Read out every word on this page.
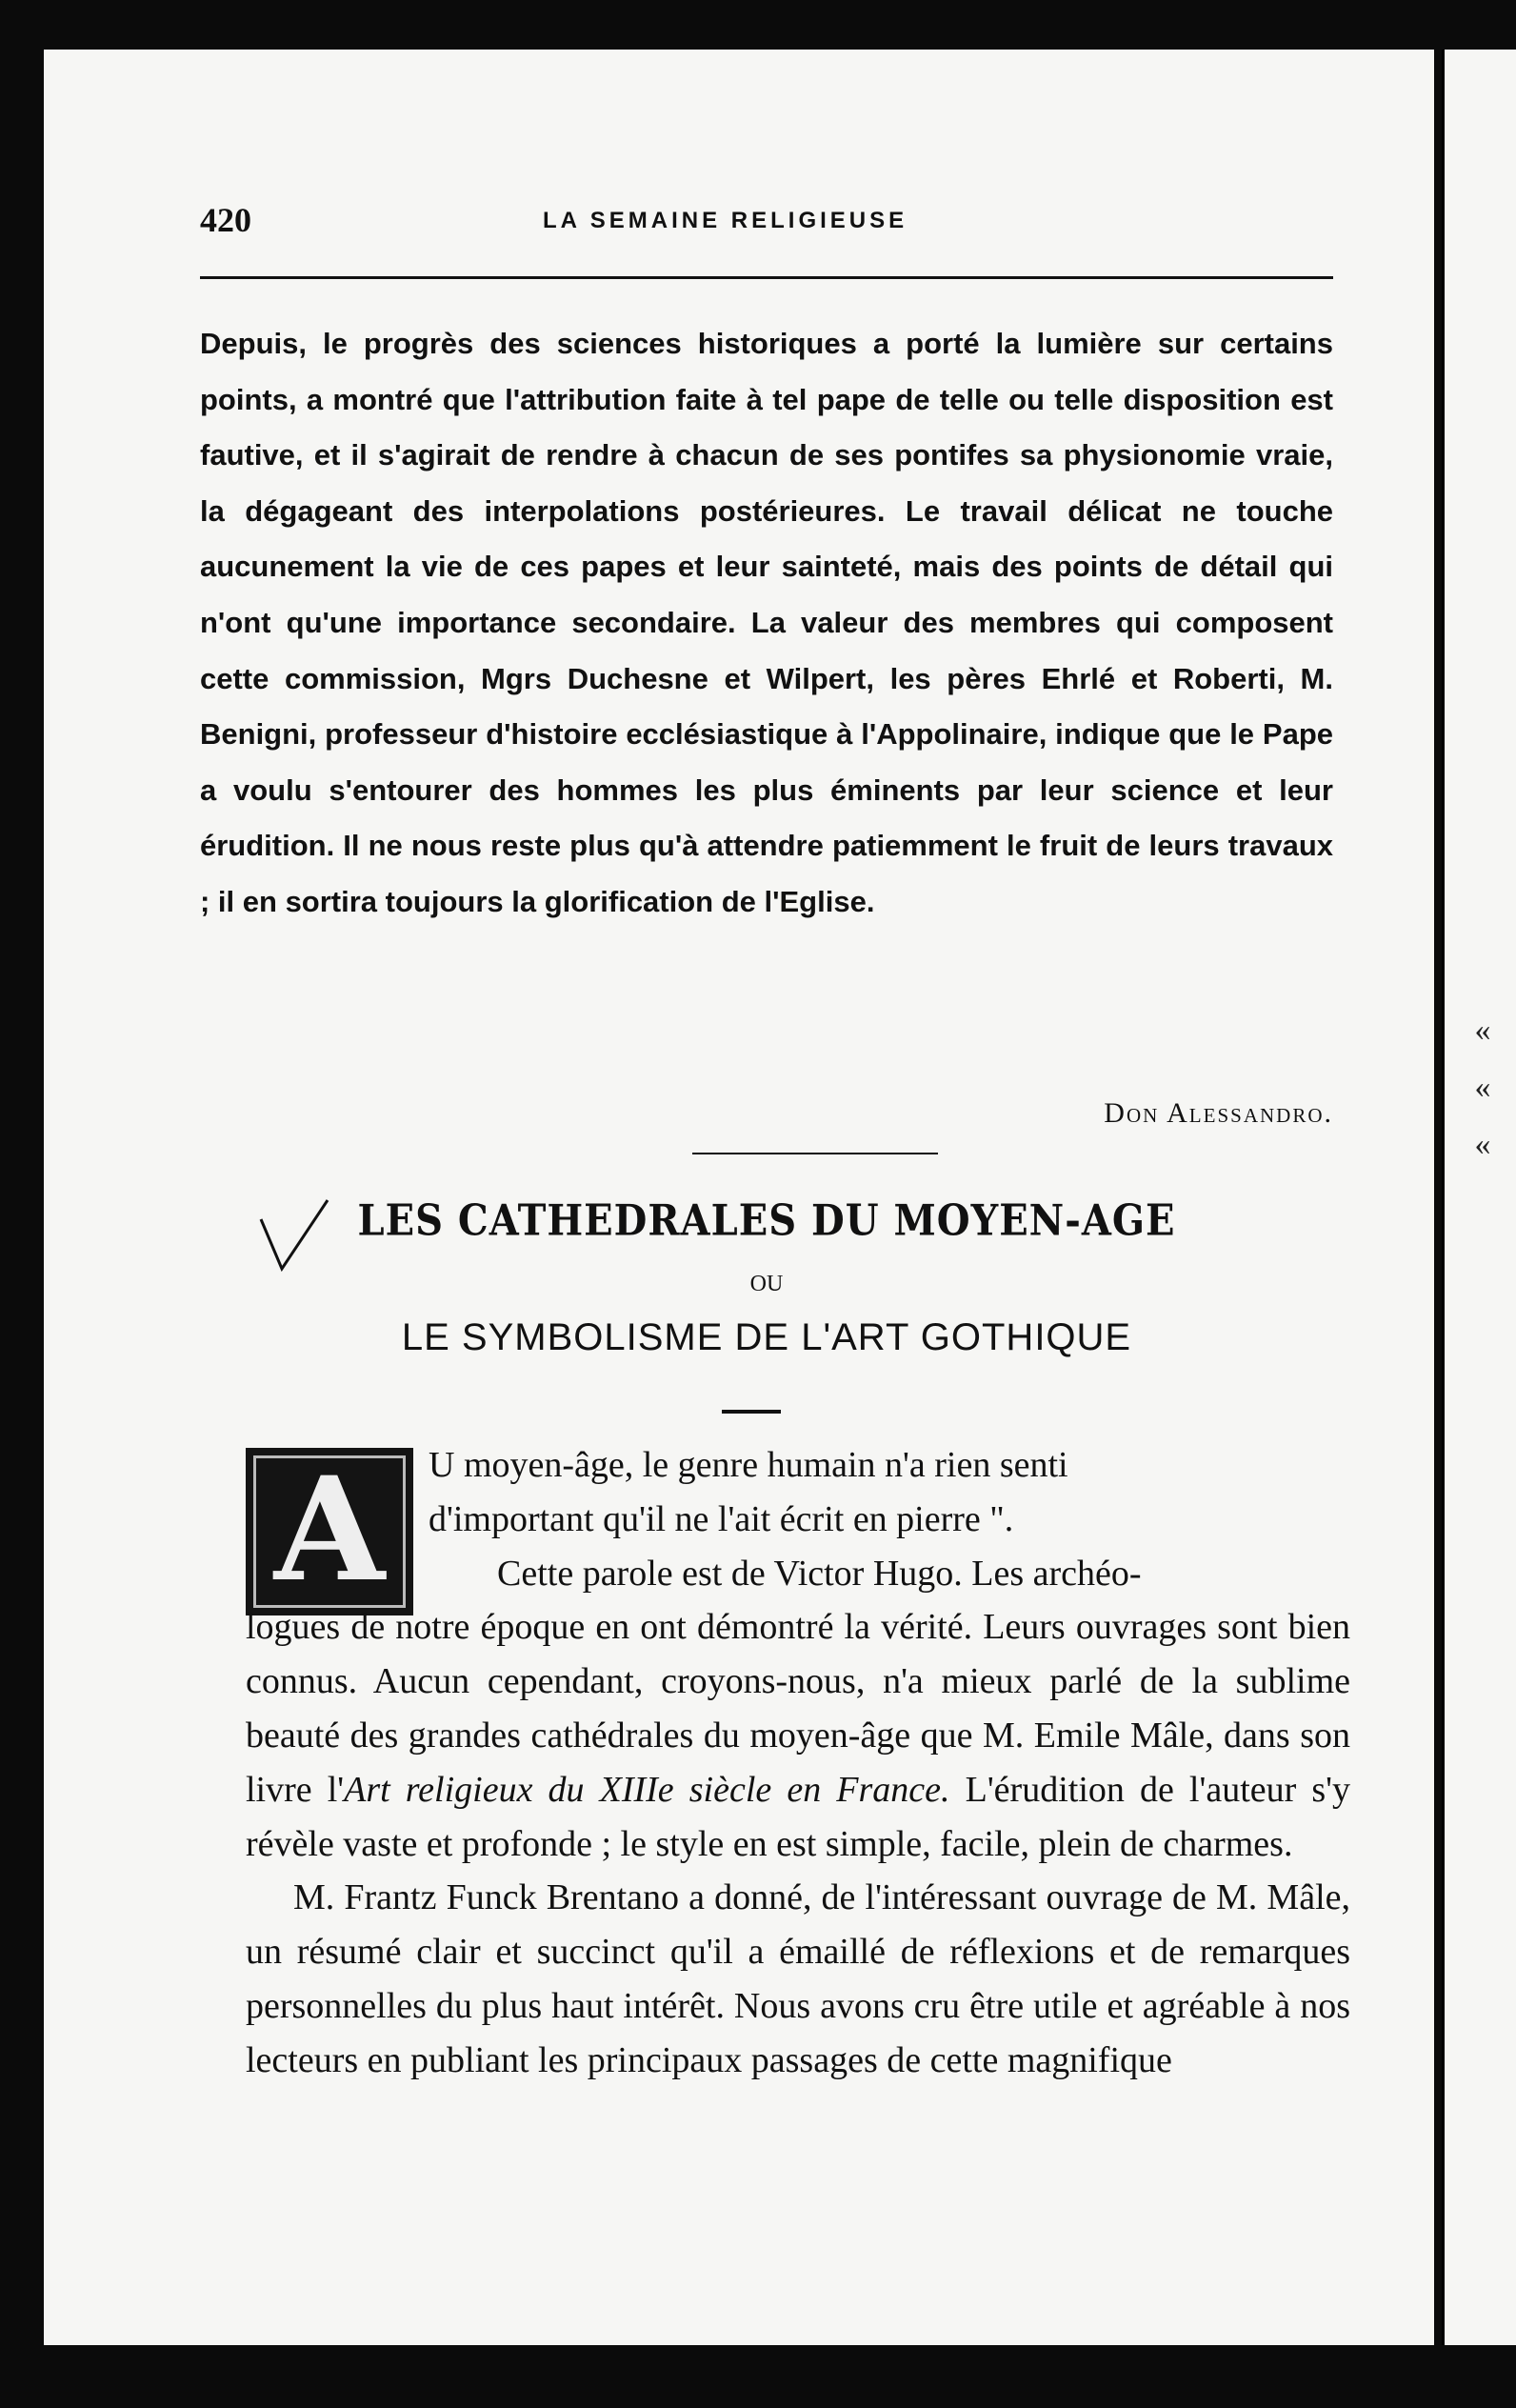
« « «
420	LA SEMAINE RELIGIEUSE
Depuis, le progrès des sciences historiques a porté la lumière sur certains points, a montré que l'attribution faite à tel pape de telle ou telle disposition est fautive, et il s'agirait de rendre à chacun de ses pontifes sa physionomie vraie, la dégageant des interpolations postérieures. Le travail délicat ne touche aucunement la vie de ces papes et leur sainteté, mais des points de détail qui n'ont qu'une importance secondaire. La valeur des membres qui composent cette commission, Mgrs Duchesne et Wilpert, les pères Ehrlé et Roberti, M. Benigni, professeur d'histoire ecclésiastique à l'Appolinaire, indique que le Pape a voulu s'entourer des hommes les plus éminents par leur science et leur érudition. Il ne nous reste plus qu'à attendre patiemment le fruit de leurs travaux ; il en sortira toujours la glorification de l'Eglise.
Don Alessandro.
LES CATHEDRALES DU MOYEN-AGE
OU
LE SYMBOLISME DE L'ART GOTHIQUE
A	U moyen-âge, le genre humain n'a rien senti
d'important qu'il ne l'ait écrit en pierre ".

Cette parole est de Victor Hugo. Les archéo-
logues de notre époque en ont démontré la vérité. Leurs ouvrages sont bien connus. Aucun cependant, croyons-nous, n'a mieux parlé de la sublime beauté des grandes cathédrales du moyen-âge que M. Emile Mâle, dans son livre l'Art religieux du XIIIe siècle en France. L'érudition de l'auteur s'y révèle vaste et profonde ; le style en est simple, facile, plein de charmes.

M. Frantz Funck Brentano a donné, de l'intéressant ouvrage de M. Mâle, un résumé clair et succinct qu'il a émaillé de réflexions et de remarques personnelles du plus haut intérêt. Nous avons cru être utile et agréable à nos lecteurs en publiant les principaux passages de cette magnifique
